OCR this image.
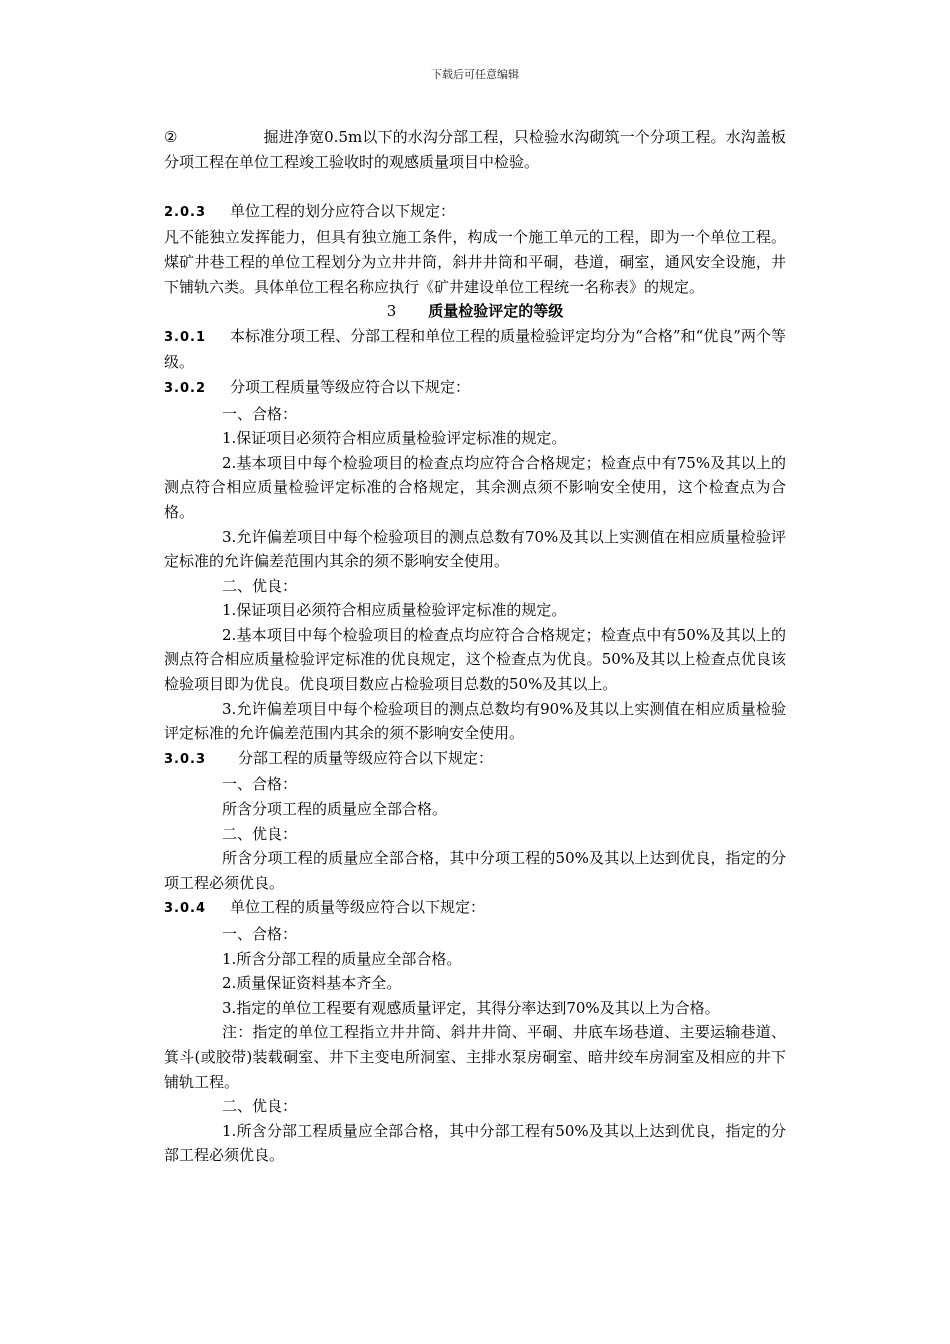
下载后可任意编辑

②	掘进净宽0.5m以下的水沟分部工程，只检验水沟砌筑一个分项工程。水沟盖板分项工程在单位工程竣工验收时的观感质量项目中检验。

2.0.3 单位工程的划分应符合以下规定：

凡不能独立发挥能力，但具有独立施工条件，构成一个施工单元的工程，即为一个单位工程。煤矿井巷工程的单位工程划分为立井井筒，斜井井筒和平硐，巷道，硐室，通风安全设施，井下铺轨六类。具体单位工程名称应执行《矿井建设单位工程统一名称表》的规定。

3 质量检验评定的等级

3.0.1 本标准分项工程、分部工程和单位工程的质量检验评定均分为“合格”和“优良”两个等级。

3.0.2 分项工程质量等级应符合以下规定：

一、合格：

1.保证项目必须符合相应质量检验评定标准的规定。

2.基本项目中每个检验项目的检查点均应符合合格规定；检查点中有75%及其以上的测点符合相应质量检验评定标准的合格规定，其余测点须不影响安全使用，这个检查点为合格。

3.允许偏差项目中每个检验项目的测点总数有70%及其以上实测值在相应质量检验评定标准的允许偏差范围内其余的须不影响安全使用。

二、优良：

1.保证项目必须符合相应质量检验评定标准的规定。

2.基本项目中每个检验项目的检查点均应符合合格规定；检查点中有50%及其以上的测点符合相应质量检验评定标准的优良规定，这个检查点为优良。50%及其以上检查点优良该检验项目即为优良。优良项目数应占检验项目总数的50%及其以上。

3.允许偏差项目中每个检验项目的测点总数均有90%及其以上实测值在相应质量检验评定标准的允许偏差范围内其余的须不影响安全使用。

3.0.3 分部工程的质量等级应符合以下规定：

一、合格：

所含分项工程的质量应全部合格。

二、优良：

所含分项工程的质量应全部合格，其中分项工程的50%及其以上达到优良，指定的分项工程必须优良。

3.0.4 单位工程的质量等级应符合以下规定：

一、合格：

1.所含分部工程的质量应全部合格。

2.质量保证资料基本齐全。

3.指定的单位工程要有观感质量评定，其得分率达到70%及其以上为合格。

注：指定的单位工程指立井井筒、斜井井筒、平硐、井底车场巷道、主要运输巷道、箕斗(或胶带)装载硐室、井下主变电所洞室、主排水泵房硐室、暗井绞车房洞室及相应的井下铺轨工程。

二、优良：

1.所含分部工程质量应全部合格，其中分部工程有50%及其以上达到优良，指定的分部工程必须优良。
